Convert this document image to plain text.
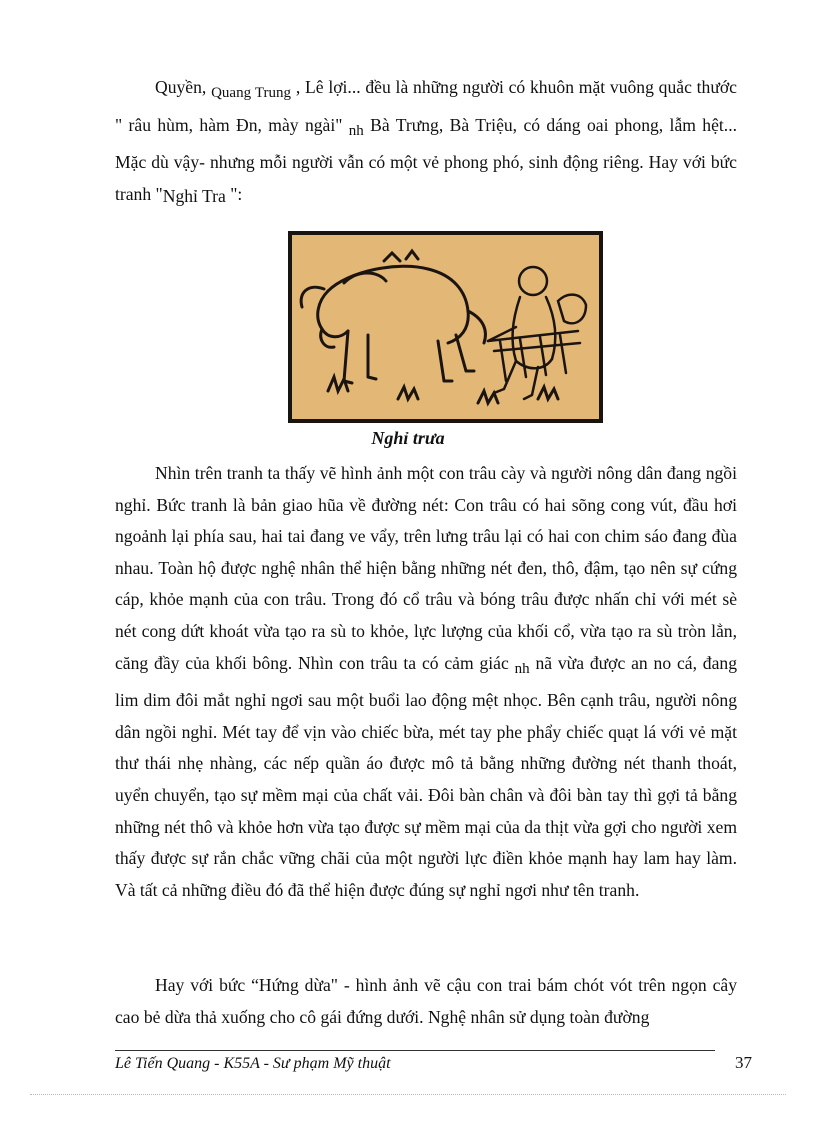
Quyền, Quang Trung , Lê lợi... đều là những người có khuôn mặt vuông quắc thước " râu hùm, hàm Ðn, mày ngài" nh Bà Trưng, Bà Triệu, có dáng oai phong, lẫm hệt... Mặc dù vậy- nhưng mỗi người vẫn có một vẻ phong phó, sinh động riêng. Hay với bức tranh "Nghỉ Tra ":

Nghỉ trưa

Nhìn trên tranh ta thấy vẽ hình ảnh một con trâu cày và người nông dân đang ngồi nghỉ. Bức tranh là bản giao hũa về đường nét: Con trâu có hai sõng cong vút, đầu hơi ngoảnh lại phía sau, hai tai đang ve vẩy, trên lưng trâu lại có hai con chim sáo đang đùa nhau. Toàn hộ được nghệ nhân thể hiện bằng những nét đen, thô, đậm, tạo nên sự cứng cáp, khỏe mạnh của con trâu. Trong đó cổ trâu và bóng trâu được nhấn chỉ với mét sè nét cong dứt khoát vừa tạo ra sù to khỏe, lực lượng của khối cổ, vừa tạo ra sù tròn lẳn, căng đầy của khối bông. Nhìn con trâu ta có cảm giác nh nã vừa được an no cá, đang lim dim đôi mắt nghỉ ngơi sau một buổi lao động mệt nhọc. Bên cạnh trâu, người nông dân ngồi nghỉ. Mét tay để vịn vào chiếc bừa, mét tay phe phẩy chiếc quạt lá với vẻ mặt thư thái nhẹ nhàng, các nếp quần áo được mô tả bằng những đường nét thanh thoát, uyển chuyển, tạo sự mềm mại của chất vải. Đôi bàn chân và đôi bàn tay thì gợi tả bằng những nét thô và khỏe hơn vừa tạo được sự mềm mại của da thịt vừa gợi cho người xem thấy được sự rắn chắc vững chãi của một người lực điền khỏe mạnh hay lam hay làm. Và tất cả những điều đó đã thể hiện được đúng sự nghỉ ngơi như tên tranh.

Hay với bức “Hứng dừa" - hình ảnh vẽ cậu con trai bám chót vót trên ngọn cây cao bẻ dừa thả xuống cho cô gái đứng dưới. Nghệ nhân sử dụng toàn đường

Lê Tiến Quang - K55A - Sư phạm Mỹ thuật	37
